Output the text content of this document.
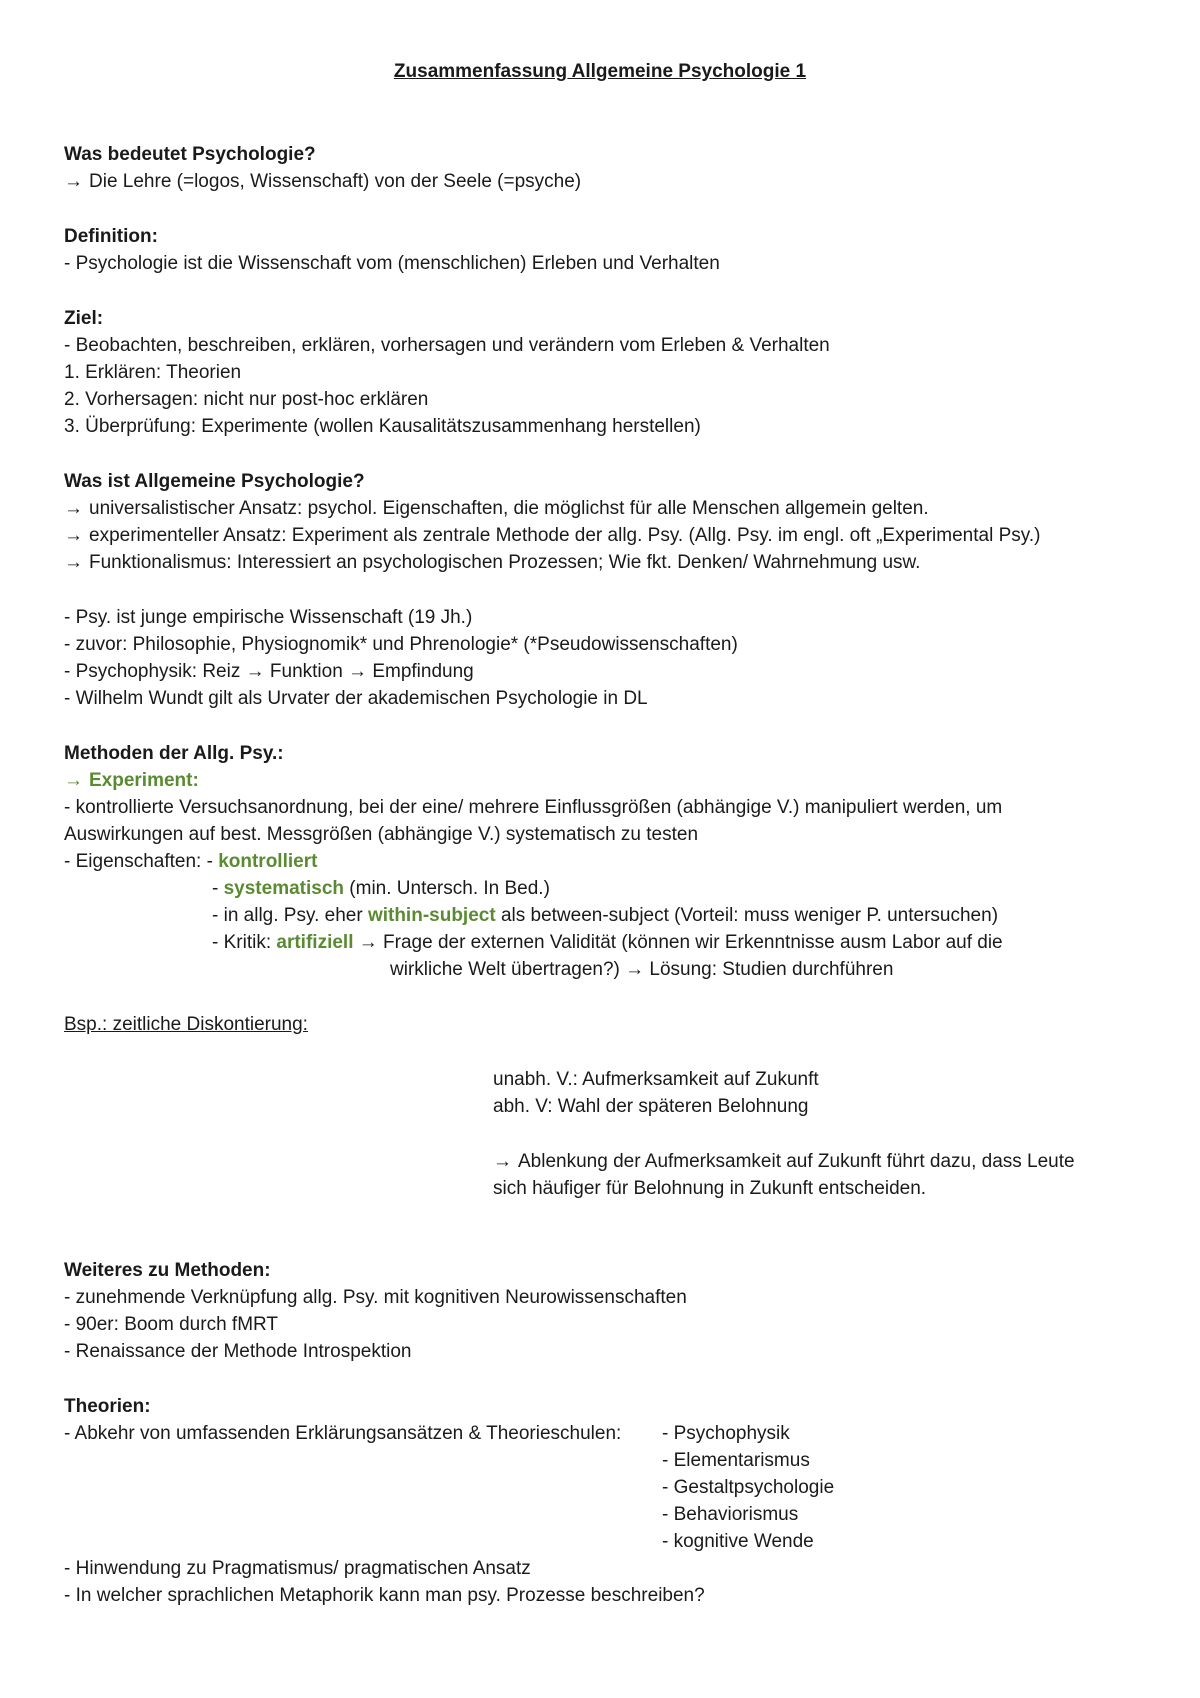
Zusammenfassung Allgemeine Psychologie 1
Was bedeutet Psychologie?
→ Die Lehre (=logos, Wissenschaft) von der Seele (=psyche)
Definition:
- Psychologie ist die Wissenschaft vom (menschlichen) Erleben und Verhalten
Ziel:
- Beobachten, beschreiben, erklären, vorhersagen und verändern vom Erleben & Verhalten
1. Erklären: Theorien
2. Vorhersagen: nicht nur post-hoc erklären
3. Überprüfung: Experimente (wollen Kausalitätszusammenhang herstellen)
Was ist Allgemeine Psychologie?
→ universalistischer Ansatz: psychol. Eigenschaften, die möglichst für alle Menschen allgemein gelten.
→ experimenteller Ansatz: Experiment als zentrale Methode der allg. Psy. (Allg. Psy. im engl. oft „Experimental Psy.)
→ Funktionalismus: Interessiert an psychologischen Prozessen; Wie fkt. Denken/ Wahrnehmung usw.
- Psy. ist junge empirische Wissenschaft (19 Jh.)
- zuvor: Philosophie, Physiognomik* und Phrenologie* (*Pseudowissenschaften)
- Psychophysik: Reiz → Funktion → Empfindung
- Wilhelm Wundt gilt als Urvater der akademischen Psychologie in DL
Methoden der Allg. Psy.:
→ Experiment:
- kontrollierte Versuchsanordnung, bei der eine/ mehrere Einflussgrößen (abhängige V.) manipuliert werden, um
Auswirkungen auf best. Messgrößen (abhängige V.) systematisch zu testen
- Eigenschaften: - kontrolliert
- systematisch (min. Untersch. In Bed.)
- in allg. Psy. eher within-subject als between-subject (Vorteil: muss weniger P. untersuchen)
- Kritik: artifiziell → Frage der externen Validität (können wir Erkenntnisse ausm Labor auf die
wirkliche Welt übertragen?) → Lösung: Studien durchführen
Bsp.: zeitliche Diskontierung:
unabh. V.: Aufmerksamkeit auf Zukunft
abh. V: Wahl der späteren Belohnung
→ Ablenkung der Aufmerksamkeit auf Zukunft führt dazu, dass Leute
sich häufiger für Belohnung in Zukunft entscheiden.
Weiteres zu Methoden:
- zunehmende Verknüpfung allg. Psy. mit kognitiven Neurowissenschaften
- 90er: Boom durch fMRT
- Renaissance der Methode Introspektion
Theorien:
- Abkehr von umfassenden Erklärungsansätzen & Theorieschulen: - Psychophysik
- Elementarismus
- Gestaltpsychologie
- Behaviorismus
- kognitive Wende
- Hinwendung zu Pragmatismus/ pragmatischen Ansatz
- In welcher sprachlichen Metaphorik kann man psy. Prozesse beschreiben?
